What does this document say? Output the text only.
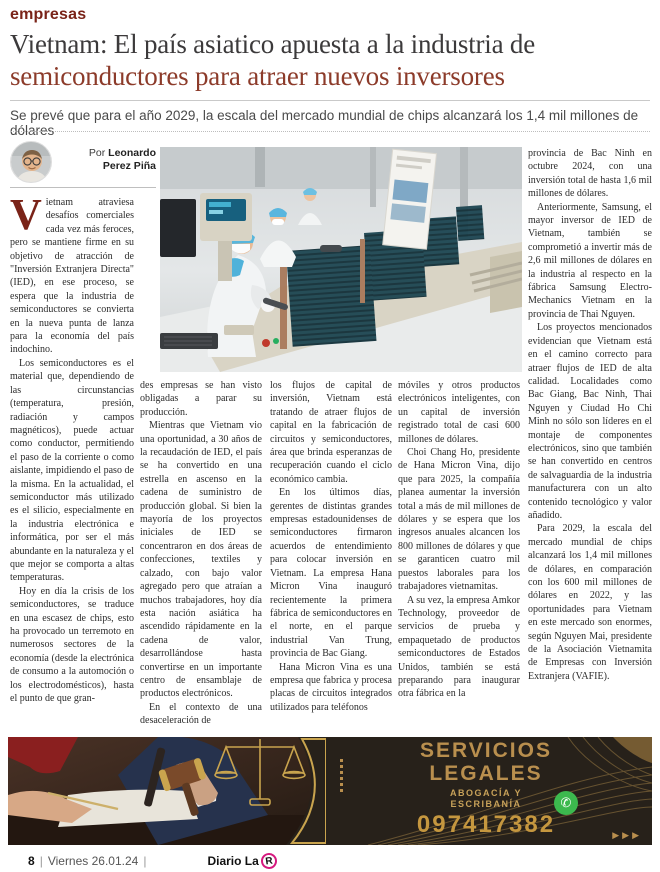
empresas
Vietnam: El país asiatico apuesta a la industria de
semiconductores para atraer nuevos inversores
Se prevé que para el año 2029, la escala del mercado mundial de chips alcanzará los 1,4 mil millones de dólares
Por Leonardo
Perez Piña

Vietnam atraviesa desafíos comerciales cada vez más feroces, pero se mantiene firme en su objetivo de atracción de "Inversión Extranjera Directa" (IED), en ese proceso, se espera que la industria de semiconductores se convierta en la nueva punta de lanza para la economía del país indochino.

Los semiconductores es el material que, dependiendo de las circunstancias (temperatura, presión, radiación y campos magnéticos), puede actuar como conductor, permitiendo el paso de la corriente o como aislante, impidiendo el paso de la misma. En la actualidad, el semiconductor más utilizado es el silicio, especialmente en la industria electrónica e informática, por ser el más abundante en la naturaleza y el que mejor se comporta a altas temperaturas.

Hoy en día la crisis de los semiconductores, se traduce en una escasez de chips, esto ha provocado un terremoto en numerosos sectores de la economía (desde la electrónica de consumo a la automoción o los electrodomésticos), hasta el punto de que gran-

des empresas se han visto obligadas a parar su producción.

Mientras que Vietnam vio una oportunidad, a 30 años de la recaudación de IED, el país se ha convertido en una estrella en ascenso en la cadena de suministro de producción global. Si bien la mayoría de los proyectos iniciales de IED se concentraron en dos áreas de confecciones, textiles y calzado, con bajo valor agregado pero que atraían a muchos trabajadores, hoy día esta nación asiática ha ascendido rápidamente en la cadena de valor, desarrollándose hasta convertirse en un importante centro de ensamblaje de productos electrónicos.

En el contexto de una desaceleración de

los flujos de capital de inversión, Vietnam está tratando de atraer flujos de capital en la fabricación de circuitos y semiconductores, área que brinda esperanzas de recuperación cuando el ciclo económico cambia.

En los últimos días, gerentes de distintas grandes empresas estadounidenses de semiconductores firmaron acuerdos de entendimiento para colocar inversión en Vietnam. La empresa Hana Micron Vina inauguró recientemente la primera fábrica de semiconductores en el norte, en el parque industrial Van Trung, provincia de Bac Giang.

Hana Micron Vina es una empresa que fabrica y procesa placas de circuitos integrados utilizados para teléfonos

móviles y otros productos electrónicos inteligentes, con un capital de inversión registrado total de casi 600 millones de dólares.

Choi Chang Ho, presidente de Hana Micron Vina, dijo que para 2025, la compañía planea aumentar la inversión total a más de mil millones de dólares y se espera que los ingresos anuales alcancen los 800 millones de dólares y que se garanticen cuatro mil puestos laborales para los trabajadores vietnamitas.

A su vez, la empresa Amkor Technology, proveedor de servicios de prueba y empaquetado de productos semiconductores de Estados Unidos, también se está preparando para inaugurar otra fábrica en la

provincia de Bac Ninh en octubre 2024, con una inversión total de hasta 1,6 mil millones de dólares.

Anteriormente, Samsung, el mayor inversor de IED de Vietnam, también se comprometió a invertir más de 2,6 mil millones de dólares en la industria al respecto en la fábrica Samsung Electro-Mechanics Vietnam en la provincia de Thai Nguyen.

Los proyectos mencionados evidencian que Vietnam está en el camino correcto para atraer flujos de IED de alta calidad. Localidades como Bac Giang, Bac Ninh, Thai Nguyen y Ciudad Ho Chi Minh no sólo son líderes en el montaje de componentes electrónicos, sino que también se han convertido en centros de salvaguardia de la industria manufacturera con un alto contenido tecnológico y valor añadido.

Para 2029, la escala del mercado mundial de chips alcanzará los 1,4 mil millones de dólares, en comparación con los 600 mil millones de dólares en 2022, y las oportunidades para Vietnam en este mercado son enormes, según Nguyen Mai, presidente de la Asociación Vietnamita de Empresas con Inversión Extranjera (VAFIE).

SERVICIOS
LEGALES
ABOGACÍA Y
ESCRIBANÍA
097417382
✆
▶▶▶
8 | Viernes 26.01.24 |	Diario La R
